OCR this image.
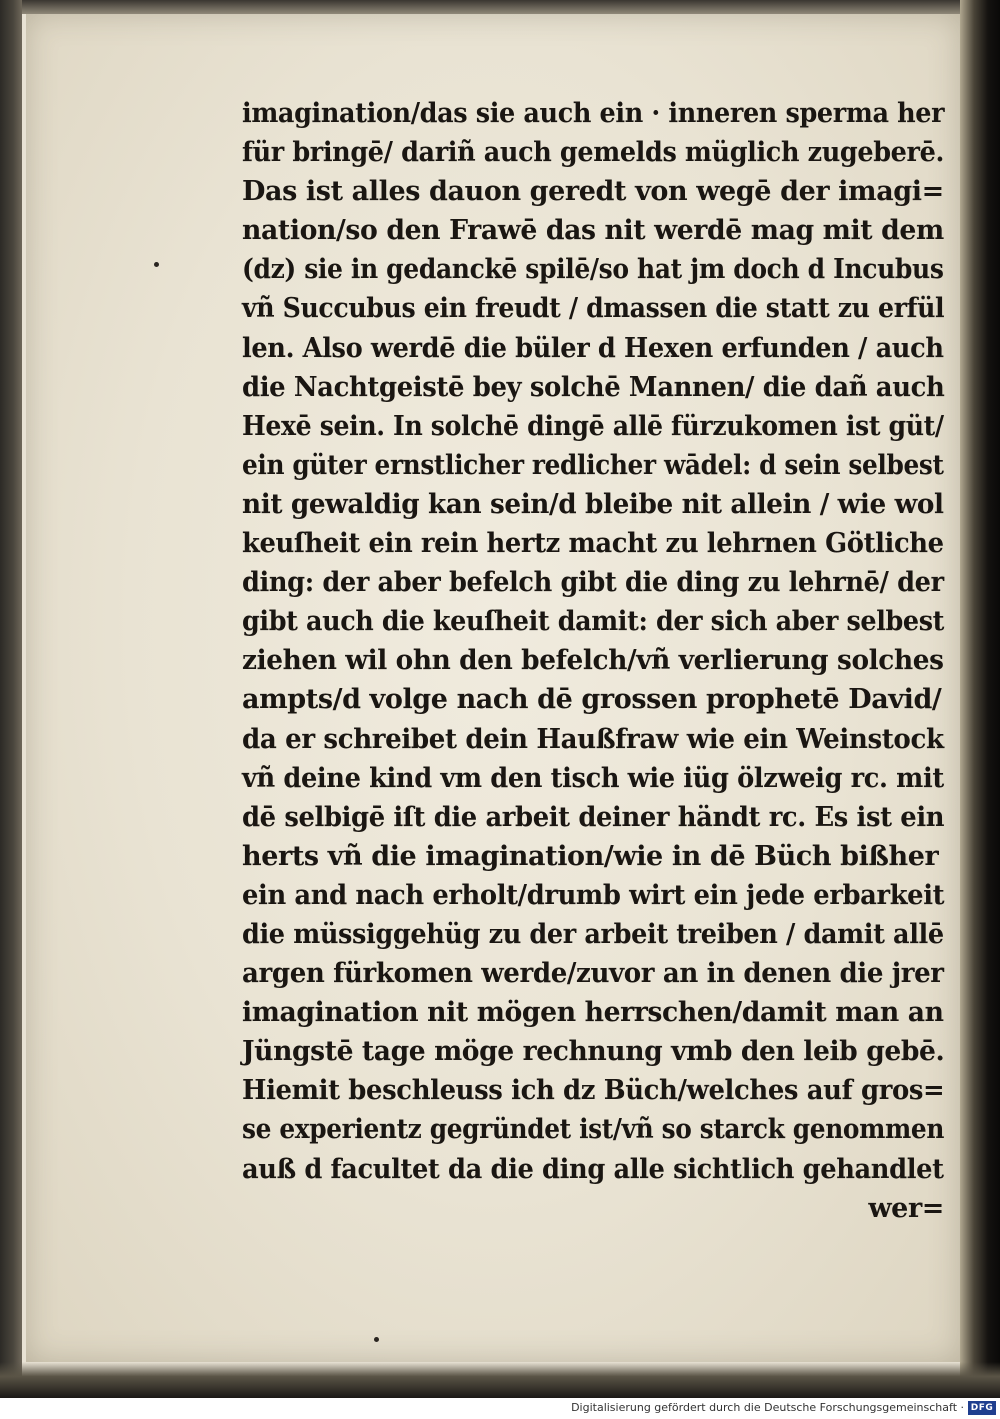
imagination/das sie auch ein · inneren sperma her
für bringē/ dariñ auch gemelds müglich zugeberē.
Das ist alles dauon geredt von wegē der imagi=
nation/so den Frawē das nit werdē mag mit dem
(dz) sie in gedanckē spilē/so hat jm doch d Incubus
vñ Succubus ein freudt / dmassen die statt zu erfül
len. Also werdē die büler d Hexen erfunden / auch
die Nachtgeistē bey solchē Mannen/ die dañ auch
Hexē sein. In solchē dingē allē fürzukomen ist güt/
ein güter ernstlicher redlicher wādel: d sein selbest
nit gewaldig kan sein/d bleibe nit allein / wie wol
keuſheit ein rein hertz macht zu lehrnen Götliche
ding: der aber befelch gibt die ding zu lehrnē/ der
gibt auch die keuſheit damit: der sich aber selbest
ziehen wil ohn den befelch/vñ verlierung solches
ampts/d volge nach dē grossen prophetē David/
da er schreibet dein Haußfraw wie ein Weinstock
vñ deine kind vm den tisch wie iüg ölzweig rc. mit
dē selbigē iſt die arbeit deiner händt rc. Es ist ein
herts vñ die imagination/wie in dē Büch bißher
ein and nach erholt/drumb wirt ein jede erbarkeit
die müssiggehüg zu der arbeit treiben / damit allē
argen fürkomen werde/zuvor an in denen die jrer
imagination nit mögen herrschen/damit man an
Jüngstē tage möge rechnung vmb den leib gebē.
Hiemit beschleuss ich dz Büch/welches auf gros=
se experientz gegründet ist/vñ so starck genommen
auß d facultet da die ding alle sichtlich gehandlet
wer=
Digitalisierung gefördert durch die Deutsche Forschungsgemeinschaft · DFG
